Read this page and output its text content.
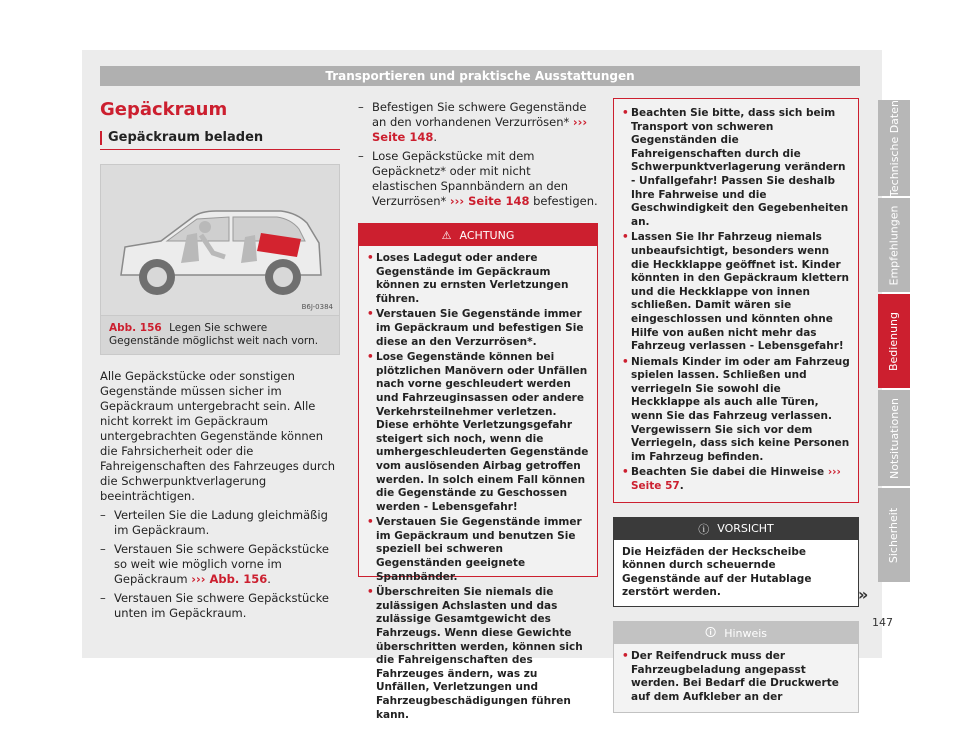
Transportieren und praktische Ausstattungen
Technische Daten
Empfehlungen
Bedienung
Notsituationen
Sicherheit
147
Gepäckraum
Gepäckraum beladen
B6J-0384
Abb. 156 Legen Sie schwere Gegenstände möglichst weit nach vorn.

Alle Gepäckstücke oder sonstigen Gegenstände müssen sicher im Gepäckraum untergebracht sein. Alle nicht korrekt im Gepäckraum untergebrachten Gegenstände können die Fahrsicherheit oder die Fahreigenschaften des Fahrzeuges durch die Schwerpunktverlagerung beeinträchtigen.

– Verteilen Sie die Ladung gleichmäßig im Gepäckraum.
– Verstauen Sie schwere Gepäckstücke so weit wie möglich vorne im Gepäckraum ››› Abb. 156.
– Verstauen Sie schwere Gepäckstücke unten im Gepäckraum.
– Befestigen Sie schwere Gegenstände an den vorhandenen Verzurrösen* ››› Seite 148.
– Lose Gepäckstücke mit dem Gepäcknetz* oder mit nicht elastischen Spannbändern an den Verzurrösen* ››› Seite 148 befestigen.
⚠ ACHTUNG

• Loses Ladegut oder andere Gegenstände im Gepäckraum können zu ernsten Verletzungen führen.

• Verstauen Sie Gegenstände immer im Gepäckraum und befestigen Sie diese an den Verzurrösen*.

• Lose Gegenstände können bei plötzlichen Manövern oder Unfällen nach vorne geschleudert werden und Fahrzeuginsassen oder andere Verkehrsteilnehmer verletzen. Diese erhöhte Verletzungsgefahr steigert sich noch, wenn die umhergeschleuderten Gegenstände vom auslösenden Airbag getroffen werden. In solch einem Fall können die Gegenstände zu Geschossen werden - Lebensgefahr!

• Verstauen Sie Gegenstände immer im Gepäckraum und benutzen Sie speziell bei schweren Gegenständen geeignete Spannbänder.

• Überschreiten Sie niemals die zulässigen Achslasten und das zulässige Gesamtgewicht des Fahrzeugs. Wenn diese Gewichte überschritten werden, können sich die Fahreigenschaften des Fahrzeuges ändern, was zu Unfällen, Verletzungen und Fahrzeugbeschädigungen führen kann.

• Beachten Sie bitte, dass sich beim Transport von schweren Gegenständen die Fahreigenschaften durch die Schwerpunktverlagerung verändern - Unfallgefahr! Passen Sie deshalb Ihre Fahrweise und die Geschwindigkeit den Gegebenheiten an.

• Lassen Sie Ihr Fahrzeug niemals unbeaufsichtigt, besonders wenn die Heckklappe geöffnet ist. Kinder könnten in den Gepäckraum klettern und die Heckklappe von innen schließen. Damit wären sie eingeschlossen und könnten ohne Hilfe von außen nicht mehr das Fahrzeug verlassen - Lebensgefahr!

• Niemals Kinder im oder am Fahrzeug spielen lassen. Schließen und verriegeln Sie sowohl die Heckklappe als auch alle Türen, wenn Sie das Fahrzeug verlassen. Vergewissern Sie sich vor dem Verriegeln, dass sich keine Personen im Fahrzeug befinden.

• Beachten Sie dabei die Hinweise ››› Seite 57.

ⓘ VORSICHT
Die Heizfäden der Heckscheibe können durch scheuernde Gegenstände auf der Hutablage zerstört werden.
🛈 Hinweis

• Der Reifendruck muss der Fahrzeugbeladung angepasst werden. Bei Bedarf die Druckwerte auf dem Aufkleber an der

»
